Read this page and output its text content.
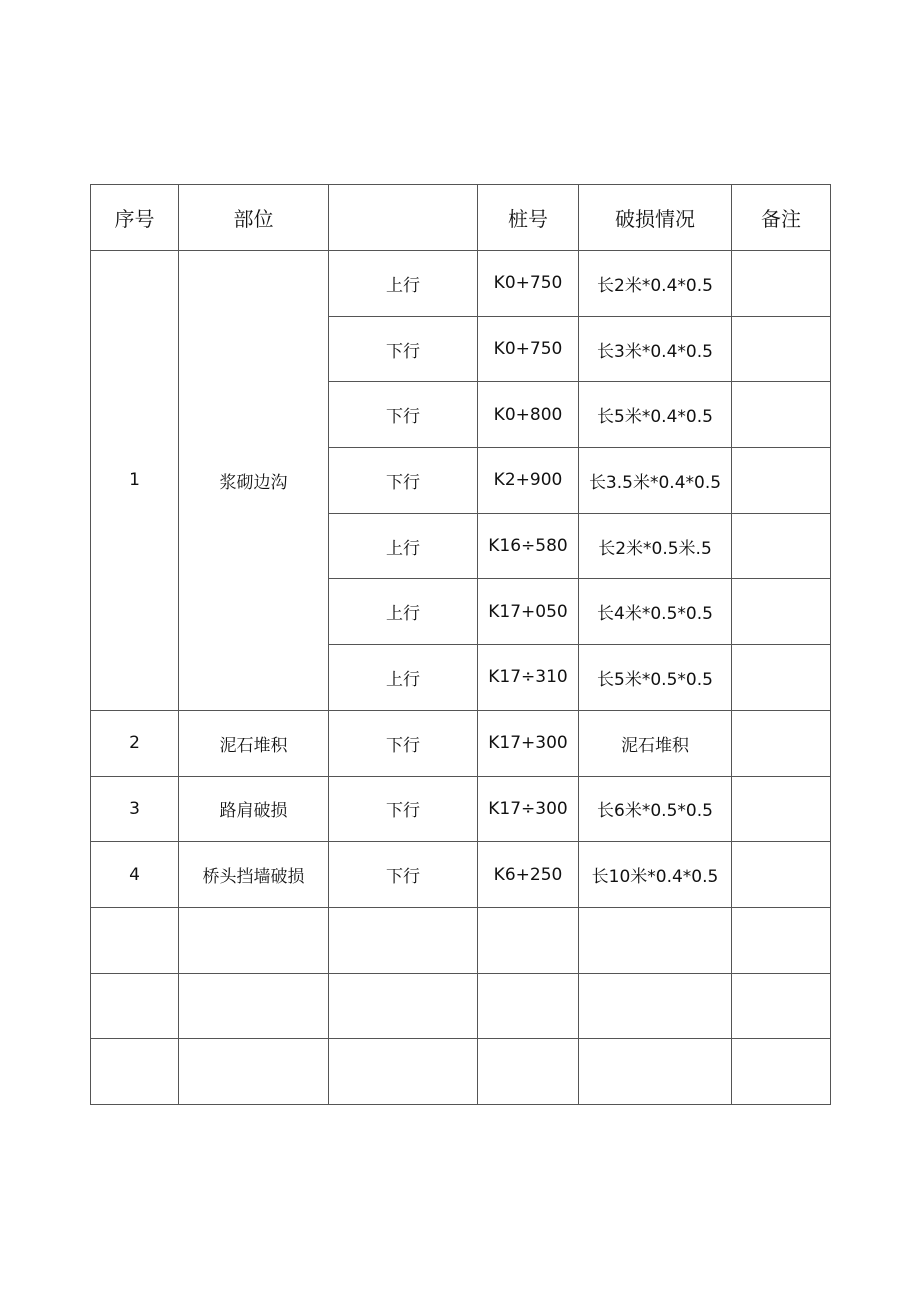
序号	部位		桩号	破损情况	备注
1	浆砌边沟	上行	K0+750	长2米*0.4*0.5	
		下行	K0+750	长3米*0.4*0.5	
		下行	K0+800	长5米*0.4*0.5	
		下行	K2+900	长3.5米*0.4*0.5	
		上行	K16÷580	长2米*0.5米.5	
		上行	K17+050	长4米*0.5*0.5	
		上行	K17÷310	长5米*0.5*0.5	
2	泥石堆积	下行	K17+300	泥石堆积	
3	路肩破损	下行	K17÷300	长6米*0.5*0.5	
4	桥头挡墙破损	下行	K6+250	长10米*0.4*0.5	
